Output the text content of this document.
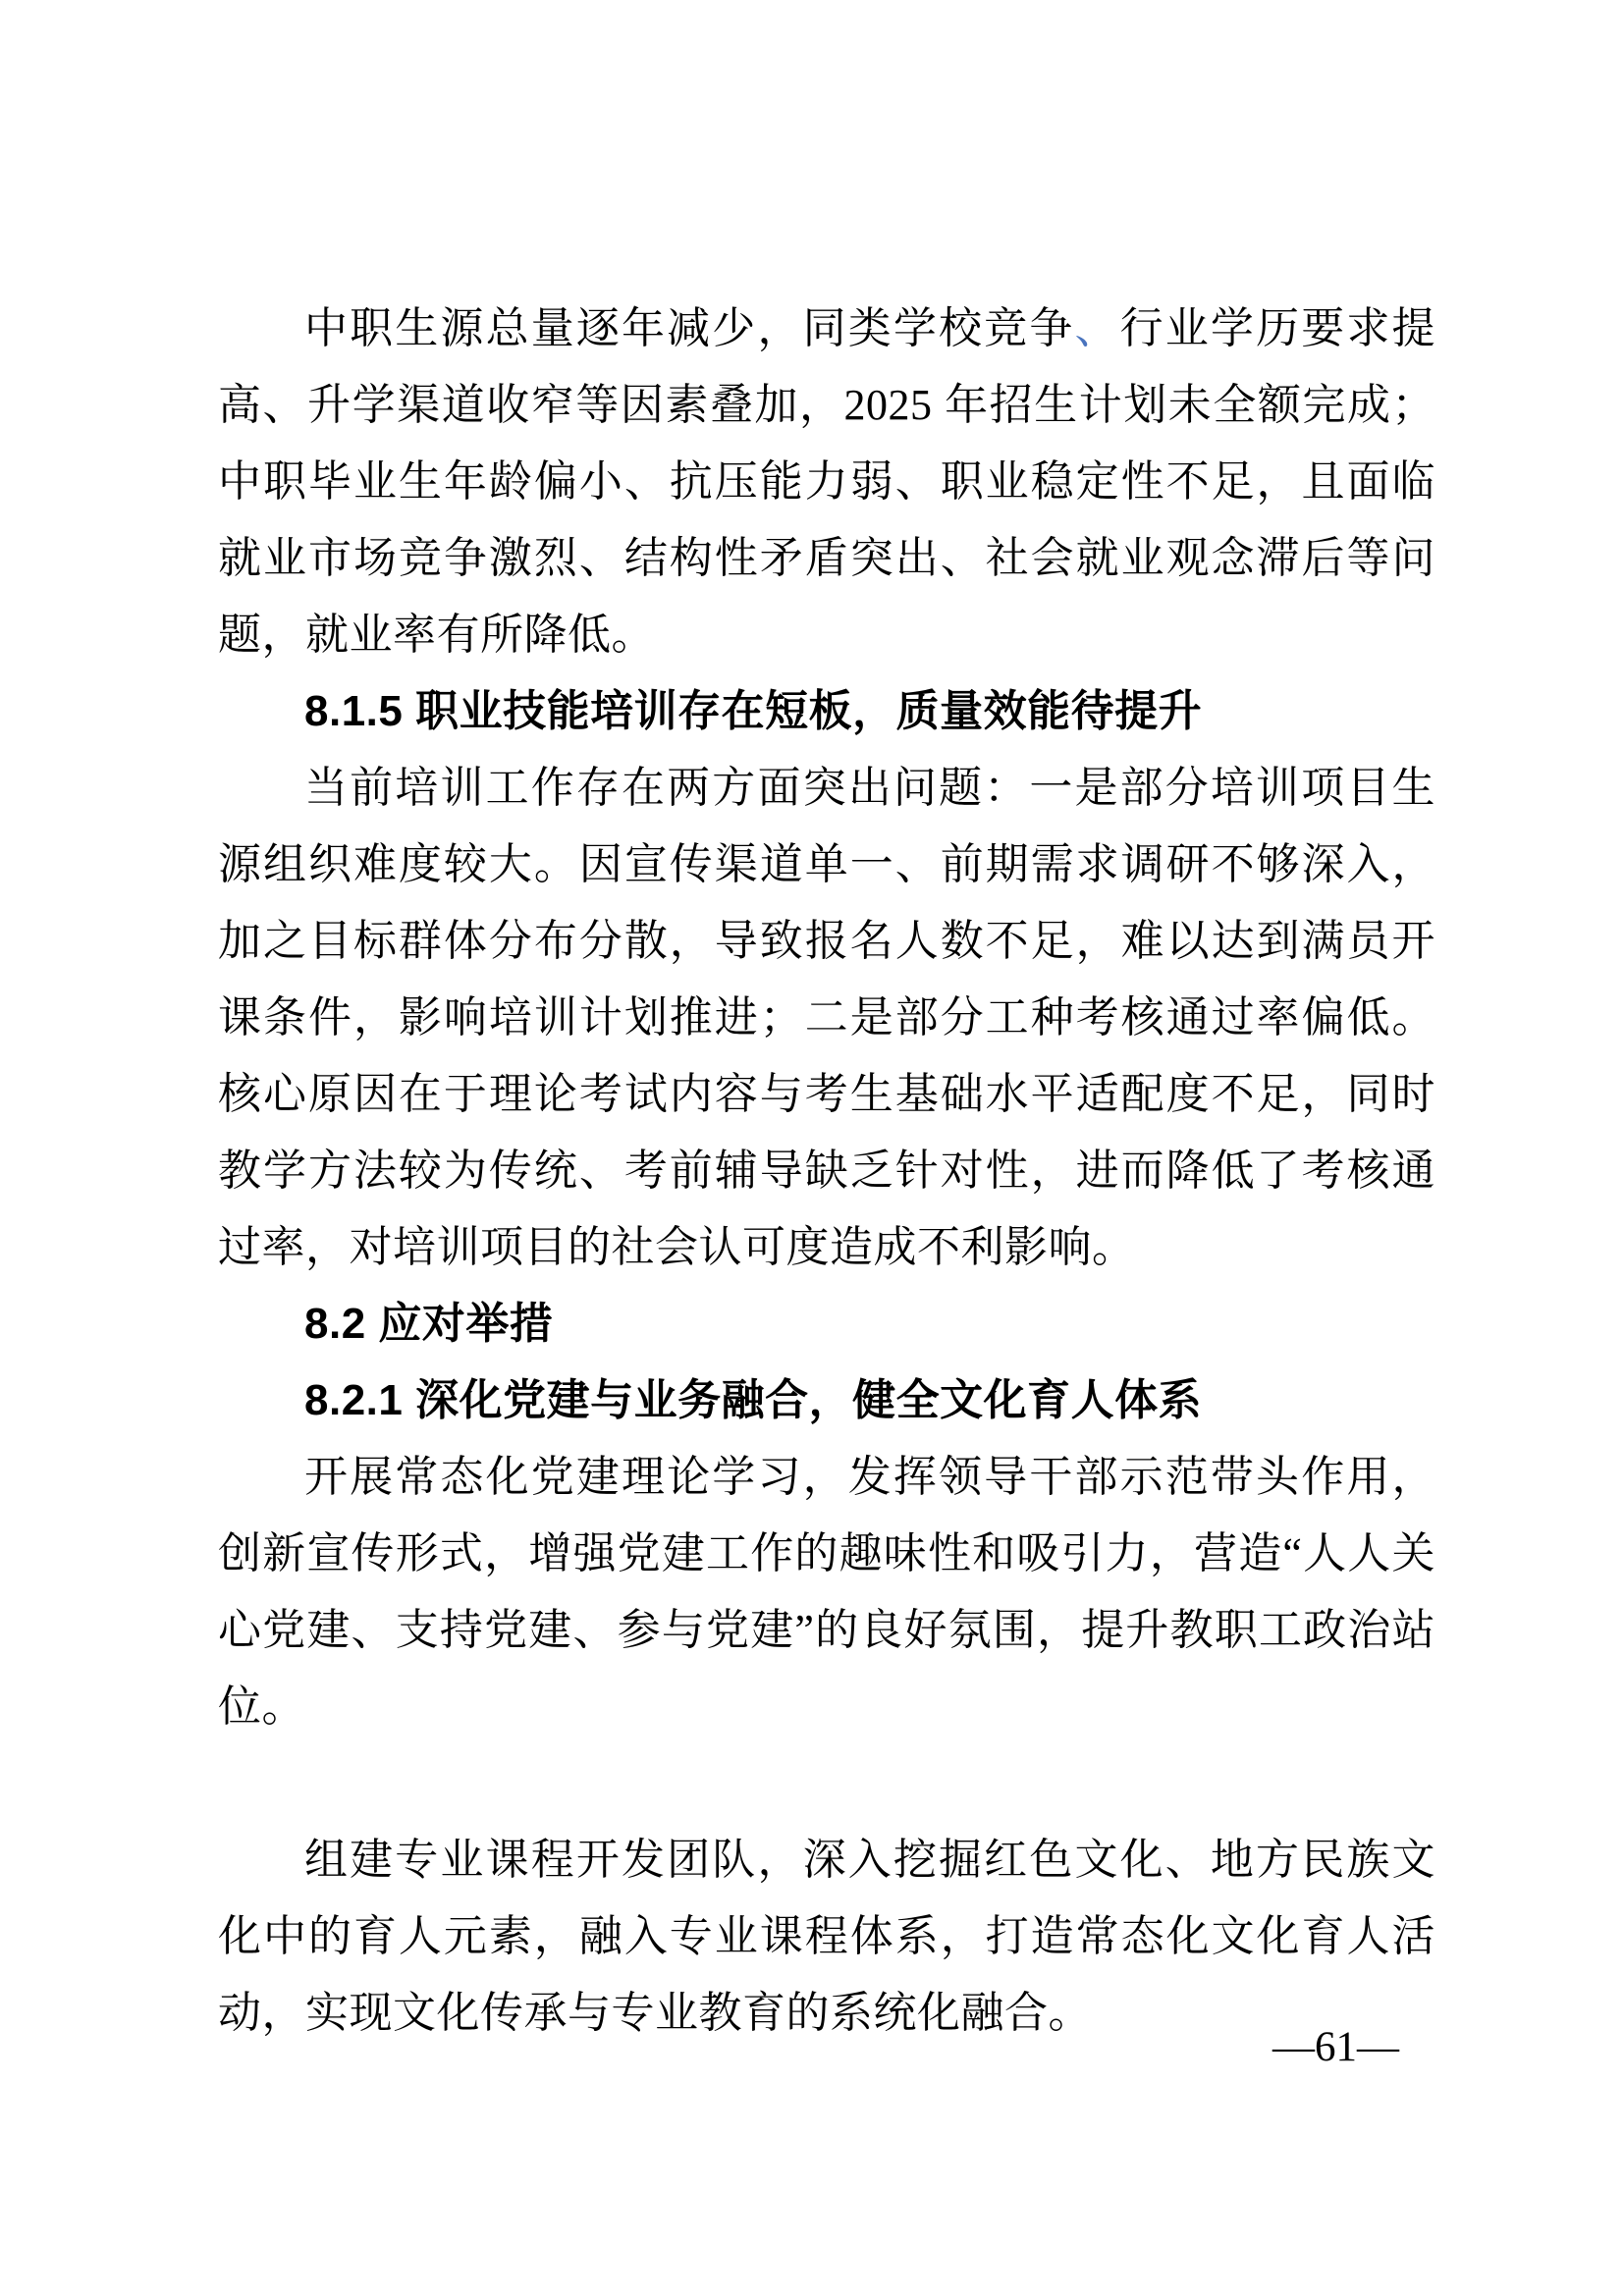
中职生源总量逐年减少，同类学校竞争、行业学历要求提高、升学渠道收窄等因素叠加，2025 年招生计划未全额完成；中职毕业生年龄偏小、抗压能力弱、职业稳定性不足，且面临就业市场竞争激烈、结构性矛盾突出、社会就业观念滞后等问题，就业率有所降低。

8.1.5 职业技能培训存在短板，质量效能待提升

当前培训工作存在两方面突出问题：一是部分培训项目生源组织难度较大。因宣传渠道单一、前期需求调研不够深入，加之目标群体分布分散，导致报名人数不足，难以达到满员开课条件，影响培训计划推进；二是部分工种考核通过率偏低。核心原因在于理论考试内容与考生基础水平适配度不足，同时教学方法较为传统、考前辅导缺乏针对性，进而降低了考核通过率，对培训项目的社会认可度造成不利影响。

8.2 应对举措
8.2.1 深化党建与业务融合，健全文化育人体系

开展常态化党建理论学习，发挥领导干部示范带头作用，创新宣传形式，增强党建工作的趣味性和吸引力，营造“人人关心党建、支持党建、参与党建”的良好氛围，提升教职工政治站位。

组建专业课程开发团队，深入挖掘红色文化、地方民族文化中的育人元素，融入专业课程体系，打造常态化文化育人活动，实现文化传承与专业教育的系统化融合。

—61—
